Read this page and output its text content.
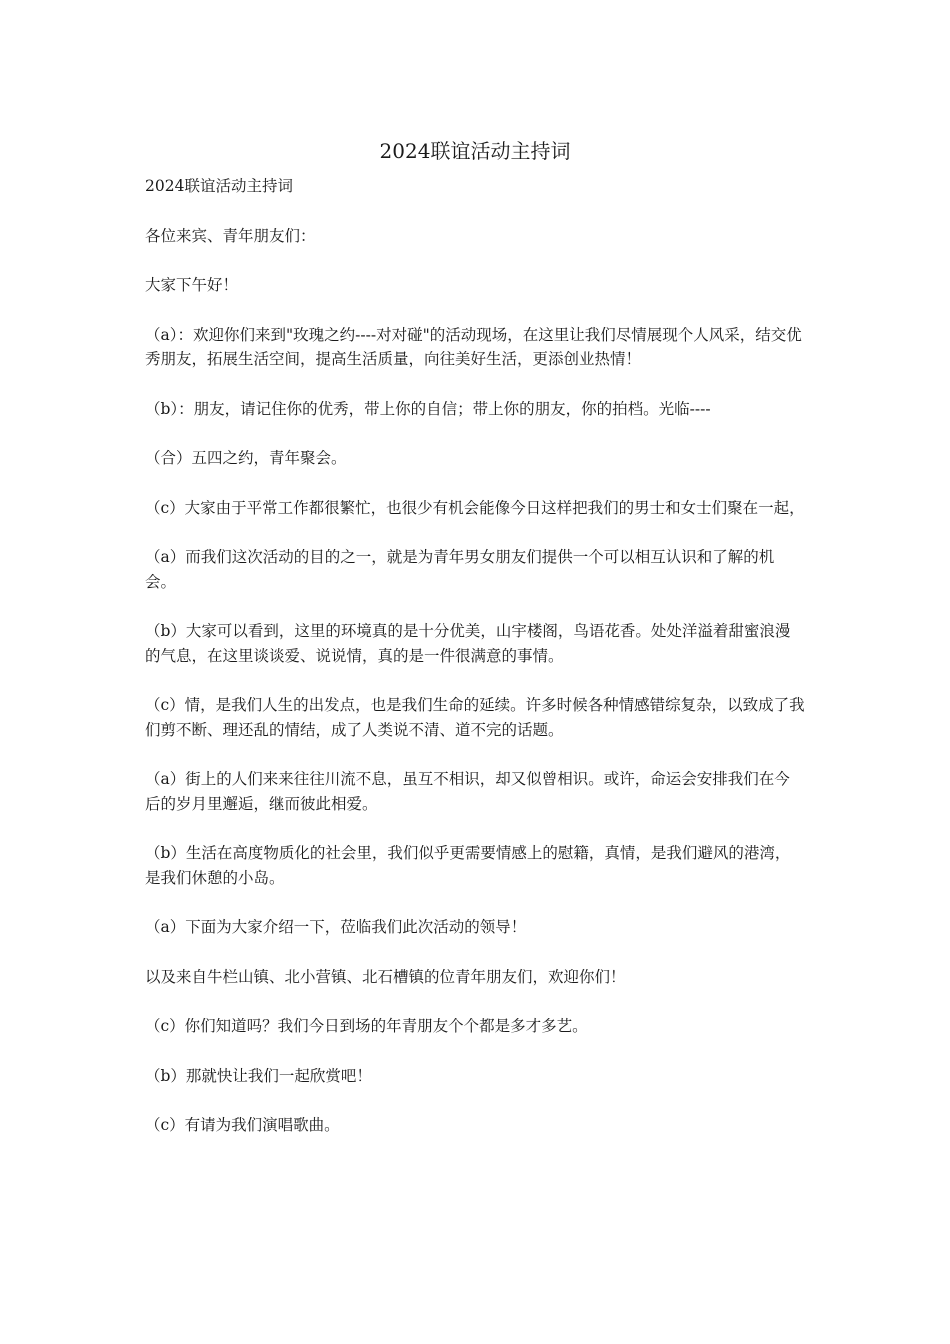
2024联谊活动主持词

2024联谊活动主持词

各位来宾、青年朋友们：

大家下午好！

（a）：欢迎你们来到"玫瑰之约----对对碰"的活动现场，在这里让我们尽情展现个人风采，结交优秀朋友，拓展生活空间，提高生活质量，向往美好生活，更添创业热情！

（b）：朋友，请记住你的优秀，带上你的自信；带上你的朋友，你的拍档。光临----

（合）五四之约，青年聚会。

（c）大家由于平常工作都很繁忙，也很少有机会能像今日这样把我们的男士和女士们聚在一起，

（a）而我们这次活动的目的之一，就是为青年男女朋友们提供一个可以相互认识和了解的机会。

（b）大家可以看到，这里的环境真的是十分优美，山宇楼阁，鸟语花香。处处洋溢着甜蜜浪漫的气息，在这里谈谈爱、说说情，真的是一件很满意的事情。

（c）情，是我们人生的出发点，也是我们生命的延续。许多时候各种情感错综复杂，以致成了我们剪不断、理还乱的情结，成了人类说不清、道不完的话题。

（a）街上的人们来来往往川流不息，虽互不相识，却又似曾相识。或许，命运会安排我们在今后的岁月里邂逅，继而彼此相爱。

（b）生活在高度物质化的社会里，我们似乎更需要情感上的慰籍，真情，是我们避风的港湾，是我们休憩的小岛。

（a）下面为大家介绍一下，莅临我们此次活动的领导！

以及来自牛栏山镇、北小营镇、北石槽镇的位青年朋友们，欢迎你们！

（c）你们知道吗？我们今日到场的年青朋友个个都是多才多艺。

（b）那就快让我们一起欣赏吧！

（c）有请为我们演唱歌曲。
